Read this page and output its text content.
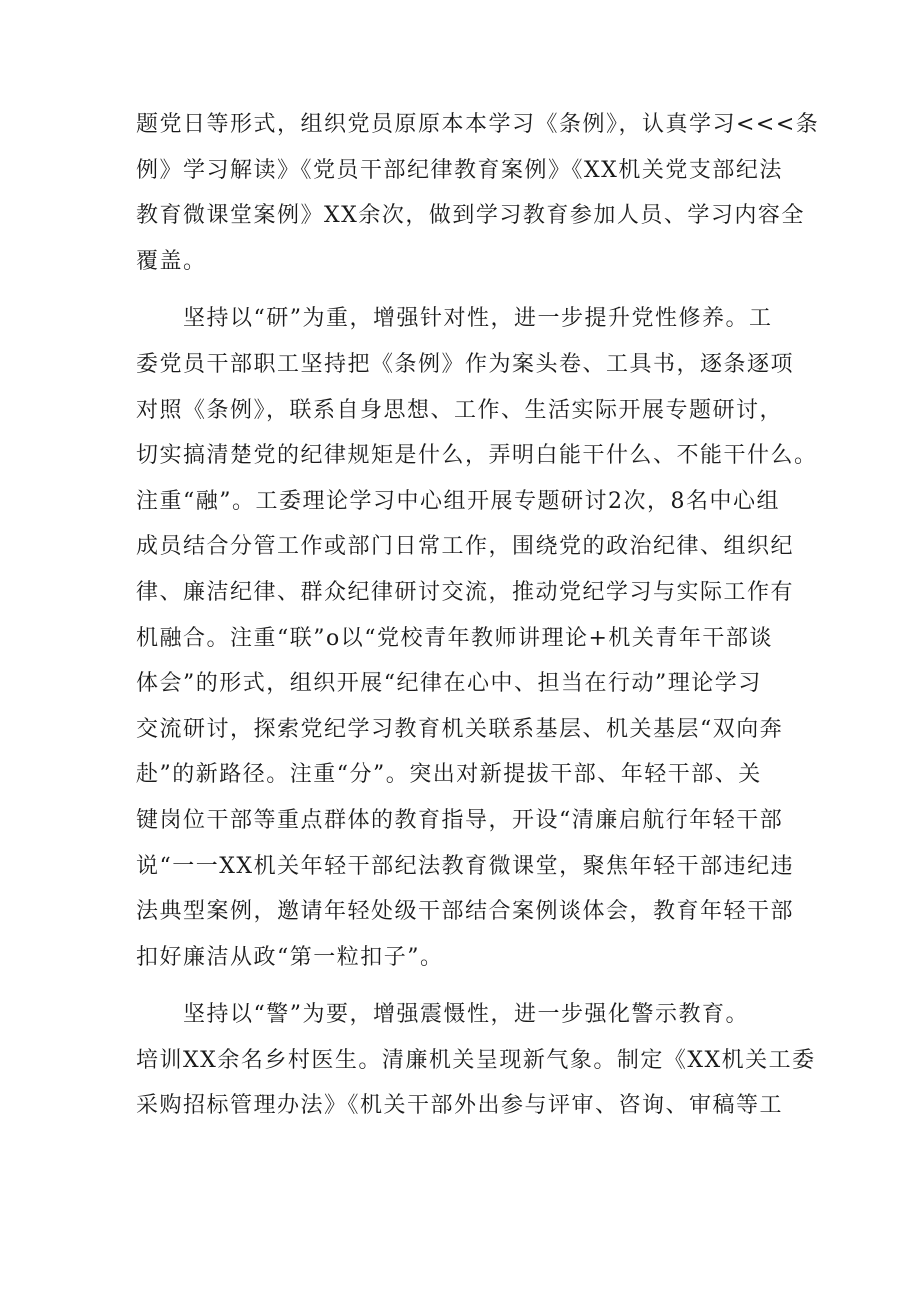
题党日等形式，组织党员原原本本学习《条例》，认真学习<<<条
例》学习解读》《党员干部纪律教育案例》《XX机关党支部纪法
教育微课堂案例》XX余次，做到学习教育参加人员、学习内容全
覆盖。
　　坚持以“研”为重，增强针对性，进一步提升党性修养。工
委党员干部职工坚持把《条例》作为案头卷、工具书，逐条逐项
对照《条例》，联系自身思想、工作、生活实际开展专题研讨，
切实搞清楚党的纪律规矩是什么，弄明白能干什么、不能干什么。
注重“融”。工委理论学习中心组开展专题研讨2次，8名中心组
成员结合分管工作或部门日常工作，围绕党的政治纪律、组织纪
律、廉洁纪律、群众纪律研讨交流，推动党纪学习与实际工作有
机融合。注重“联”o以“党校青年教师讲理论+机关青年干部谈
体会”的形式，组织开展“纪律在心中、担当在行动”理论学习
交流研讨，探索党纪学习教育机关联系基层、机关基层“双向奔
赴”的新路径。注重“分”。突出对新提拔干部、年轻干部、关
键岗位干部等重点群体的教育指导，开设“清廉启航行年轻干部
说“一一XX机关年轻干部纪法教育微课堂，聚焦年轻干部违纪违
法典型案例，邀请年轻处级干部结合案例谈体会，教育年轻干部
扣好廉洁从政“第一粒扣子”。
　　坚持以“警”为要，增强震慑性，进一步强化警示教育。
培训XX余名乡村医生。清廉机关呈现新气象。制定《XX机关工委
采购招标管理办法》《机关干部外出参与评审、咨询、审稿等工
